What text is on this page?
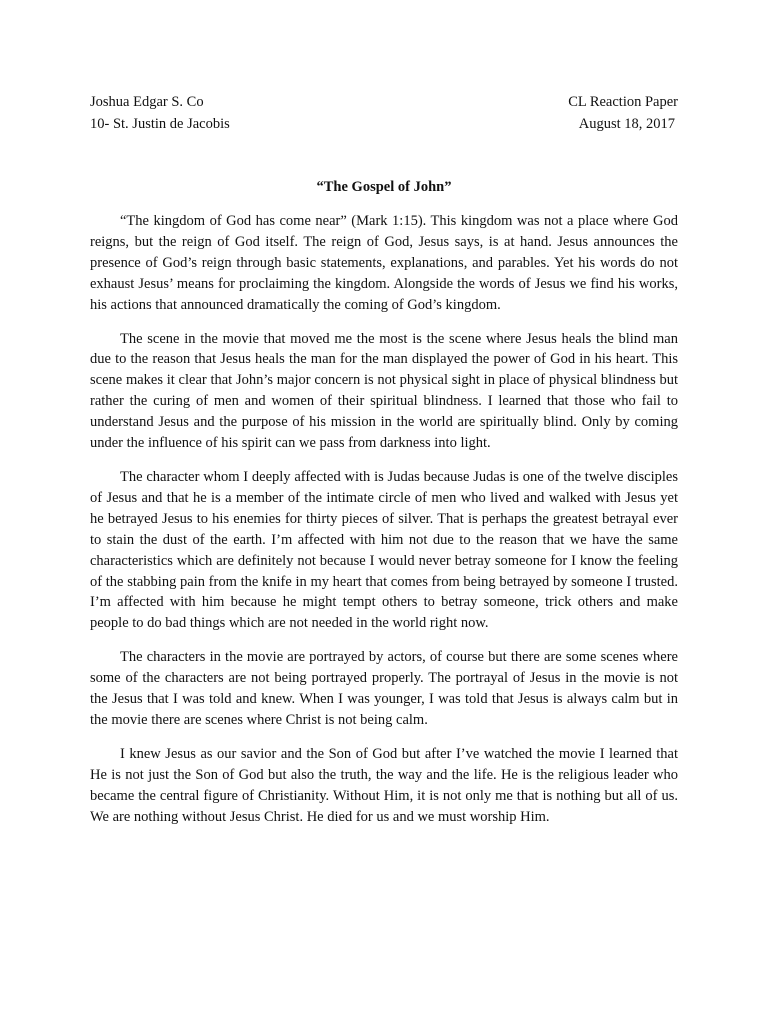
Joshua Edgar S. Co
10- St. Justin de Jacobis
CL Reaction Paper
August 18, 2017
“The Gospel of John”

“The kingdom of God has come near” (Mark 1:15). This kingdom was not a place where God reigns, but the reign of God itself. The reign of God, Jesus says, is at hand. Jesus announces the presence of God’s reign through basic statements, explanations, and parables. Yet his words do not exhaust Jesus’ means for proclaiming the kingdom. Alongside the words of Jesus we find his works, his actions that announced dramatically the coming of God’s kingdom.

The scene in the movie that moved me the most is the scene where Jesus heals the blind man due to the reason that Jesus heals the man for the man displayed the power of God in his heart. This scene makes it clear that John’s major concern is not physical sight in place of physical blindness but rather the curing of men and women of their spiritual blindness. I learned that those who fail to understand Jesus and the purpose of his mission in the world are spiritually blind. Only by coming under the influence of his spirit can we pass from darkness into light.

The character whom I deeply affected with is Judas because Judas is one of the twelve disciples of Jesus and that he is a member of the intimate circle of men who lived and walked with Jesus yet he betrayed Jesus to his enemies for thirty pieces of silver. That is perhaps the greatest betrayal ever to stain the dust of the earth. I’m affected with him not due to the reason that we have the same characteristics which are definitely not because I would never betray someone for I know the feeling of the stabbing pain from the knife in my heart that comes from being betrayed by someone I trusted. I’m affected with him because he might tempt others to betray someone, trick others and make people to do bad things which are not needed in the world right now.

The characters in the movie are portrayed by actors, of course but there are some scenes where some of the characters are not being portrayed properly. The portrayal of Jesus in the movie is not the Jesus that I was told and knew. When I was younger, I was told that Jesus is always calm but in the movie there are scenes where Christ is not being calm.

I knew Jesus as our savior and the Son of God but after I’ve watched the movie I learned that He is not just the Son of God but also the truth, the way and the life. He is the religious leader who became the central figure of Christianity. Without Him, it is not only me that is nothing but all of us. We are nothing without Jesus Christ. He died for us and we must worship Him.
